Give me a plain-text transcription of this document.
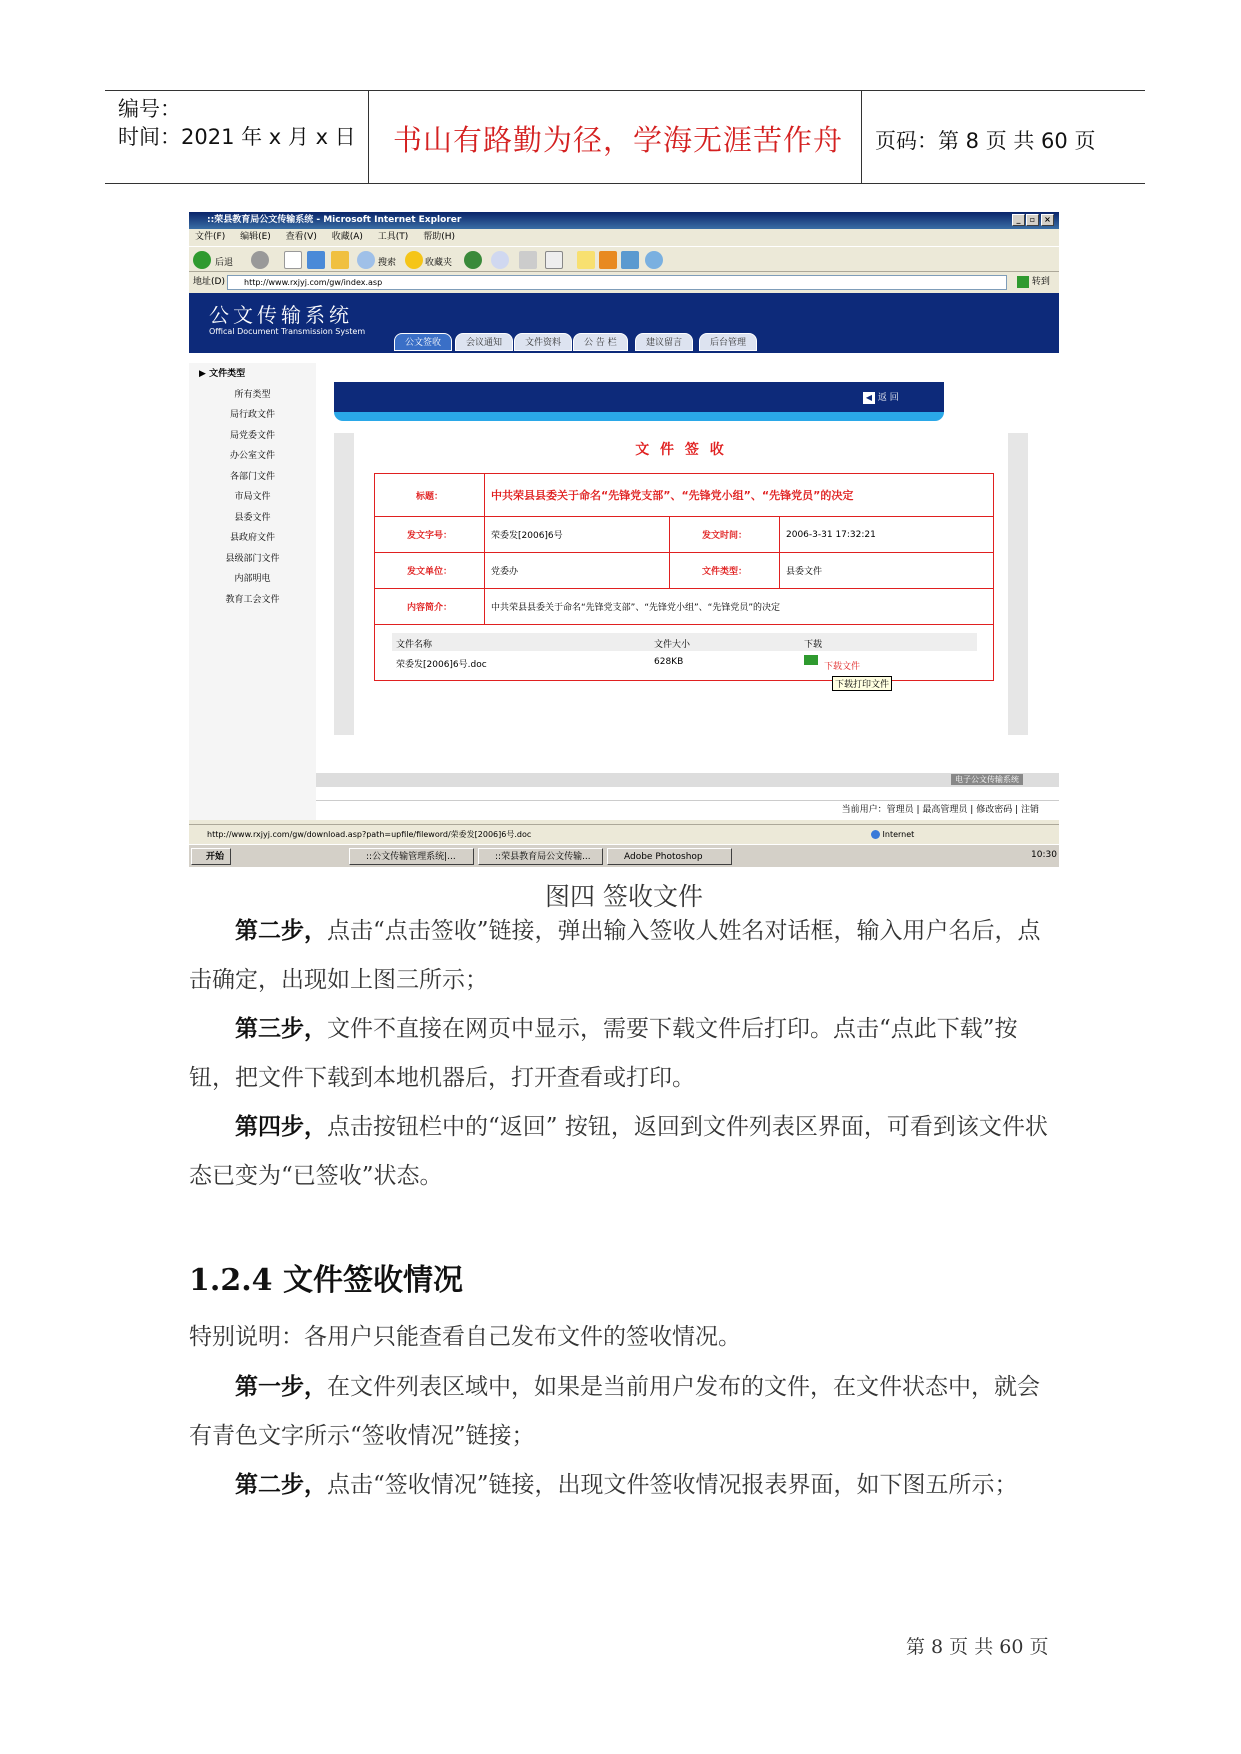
编号：
时间：2021 年 x 月 x 日 书山有路勤为径，学海无涯苦作舟 页码：第 8 页 共 60 页
::荣县教育局公文传输系统 - Microsoft Internet Explorer	_	▫	×
文件(F) 编辑(E) 查看(V) 收藏(A) 工具(T) 帮助(H)
后退	搜索	收藏夹
地址(D)	http://www.rxjyj.com/gw/index.asp	转到
公文传输系统
Offical Document Transmission System
公文签收	会议通知	文件资料	公 告 栏	建议留言	后台管理
▶ 文件类型
所有类型
局行政文件
局党委文件
办公室文件
各部门文件
市局文件
县委文件
县政府文件
县级部门文件
内部明电
教育工会文件
◀ 返 回
文 件 签 收
标题：	中共荣县县委关于命名“先锋党支部”、“先锋党小组”、“先锋党员”的决定		
发文字号：	荣委发[2006]6号	发文时间：	2006-3-31 17:32:21
发文单位：	党委办	文件类型：	县委文件
内容简介：	中共荣县县委关于命名“先锋党支部”、“先锋党小组”、“先锋党员”的决定		

文件名称	文件大小	下载
荣委发[2006]6号.doc	628KB	下载文件
下载打印文件
电子公文传输系统
当前用户：管理员 | 最高管理员 | 修改密码 | 注销
http://www.rxjyj.com/gw/download.asp?path=upfile/fileword/荣委发[2006]6号.doc	Internet
开始	::公文传输管理系统|...	::荣县教育局公文传输...	Adobe Photoshop	10:30
图四 签收文件
第二步，点击“点击签收”链接，弹出输入签收人姓名对话框，输入用户名后，点击确定，出现如上图三所示；
第三步，文件不直接在网页中显示，需要下载文件后打印。点击“点此下载”按钮，把文件下载到本地机器后，打开查看或打印。
第四步，点击按钮栏中的“返回” 按钮，返回到文件列表区界面，可看到该文件状态已变为“已签收”状态。
1.2.4 文件签收情况
特别说明：各用户只能查看自己发布文件的签收情况。
第一步，在文件列表区域中，如果是当前用户发布的文件，在文件状态中，就会有青色文字所示“签收情况”链接；
第二步，点击“签收情况”链接，出现文件签收情况报表界面，如下图五所示；
第 8 页 共 60 页
